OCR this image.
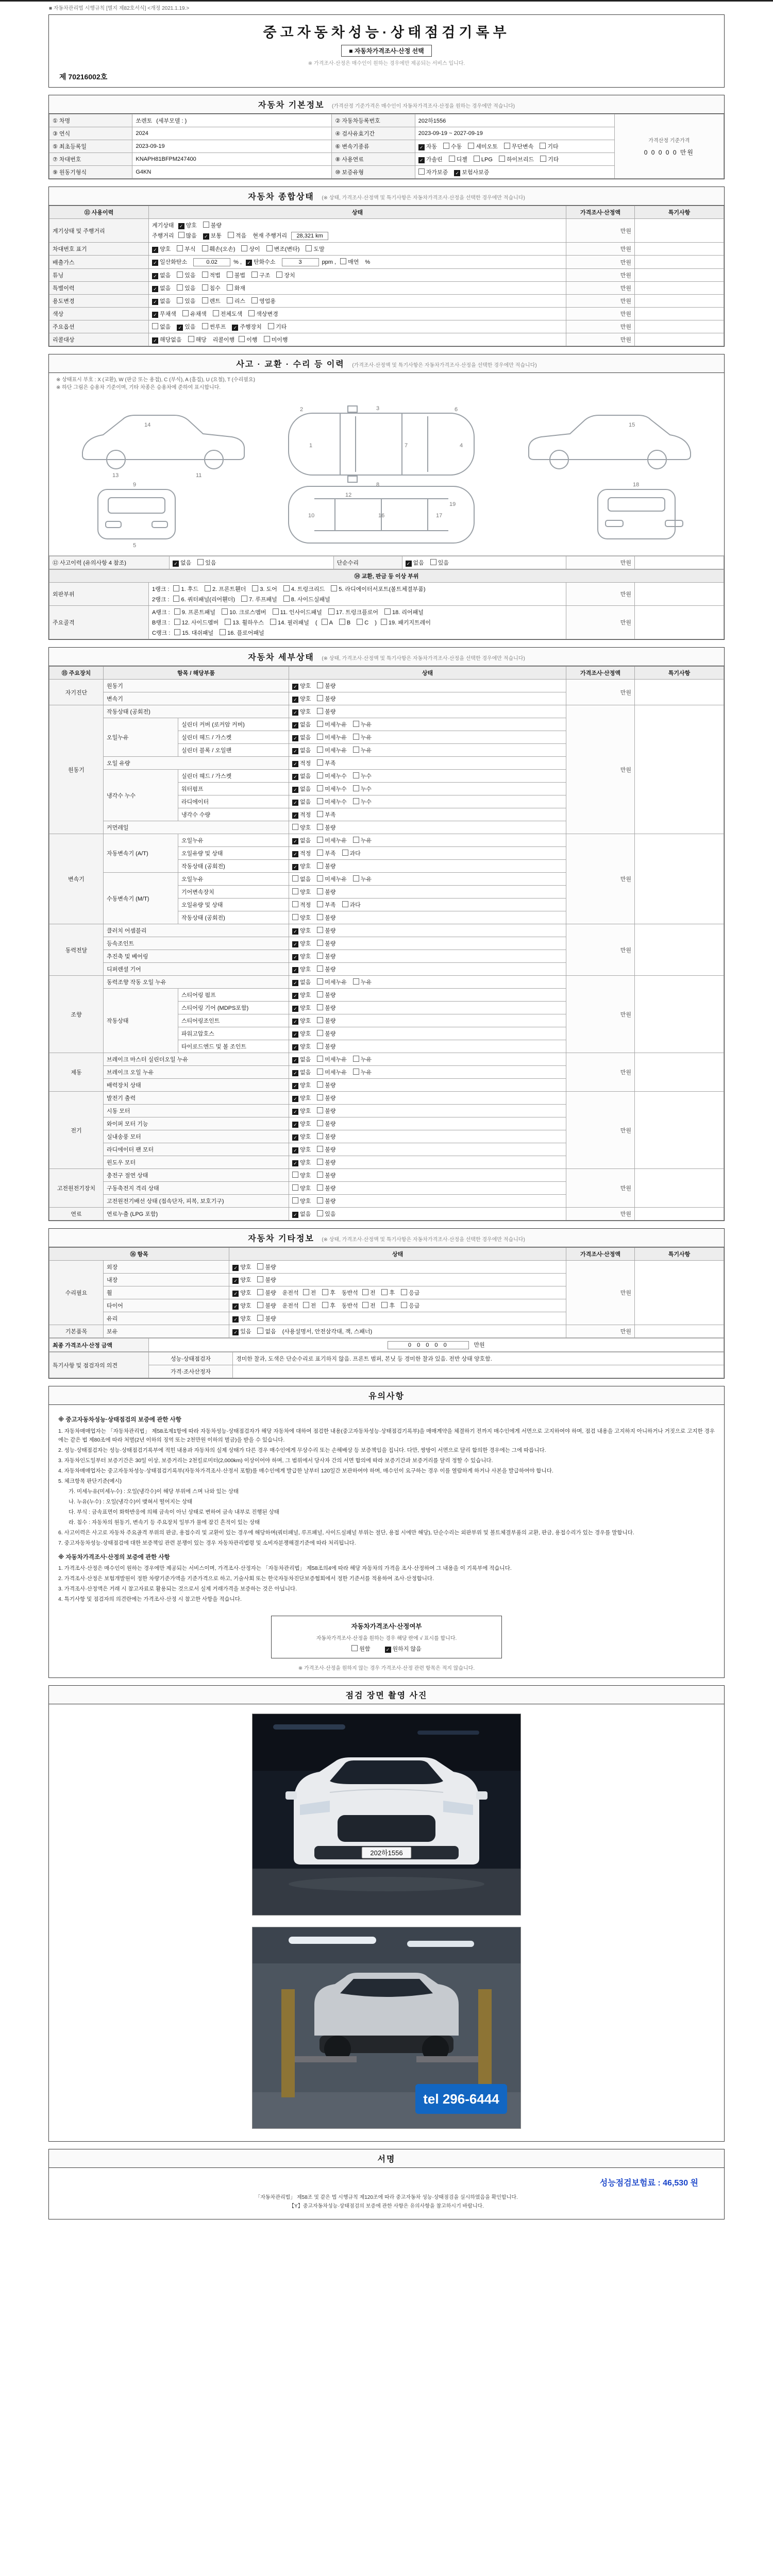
■ 자동차관리법 시행규칙 [별지 제82호서식] <개정 2021.1.19.>
중고자동차성능·상태점검기록부
■ 자동차가격조사·산정 선택
※ 가격조사·산정은 매수인이 원하는 경우에만 제공되는 서비스 입니다.
제 70216002호
자동차 기본정보 (가격산정 기준가격은 매수인이 자동차가격조사·산정을 원하는 경우에만 적습니다)
① 차명	쏘렌토 (세부모델 : )	② 자동차등록번호	202하1556	가격산정 기준가격
0 0 0 0 0 만원

③ 연식	2024	④ 검사유효기간	2023-09-19 ~ 2027-09-19	

⑤ 최초등록일	2023-09-19	⑥ 변속기종류	✓ 자동 수동 세미오토 무단변속 기타	

⑦ 차대번호	KNAPH81BFPM247400	⑧ 사용연료	✓ 가솔린 디젤 LPG 하이브리드 기타	

⑨ 원동기형식	G4KN	⑩ 보증유형	자가보증 ✓ 보험사보증	
자동차 종합상태 (※ 상태, 가격조사·산정액 및 특기사항은 자동차가격조사·산정을 선택한 경우에만 적습니다)
⑪ 사용이력	상태	가격조사·산정액	특기사항
계기상태 및 주행거리	계기상태 ✓ 양호 불량
주행거리 많음 ✓ 보통 적음 현재 주행거리 28,321 km	만원	
차대번호 표기	✓ 양호 부식 훼손(오손) 상이 변조(변타) 도말	만원	
배출가스	✓ 일산화탄소 0.02 % , ✓ 탄화수소 3 ppm , 매연 %	만원	
튜닝	✓ 없음 있음 적법 불법 구조 장치	만원	
특별이력	✓ 없음 있음 침수 화재	만원	
용도변경	✓ 없음 있음 렌트 리스 영업용	만원	
색상	✓ 무채색 유채색 전체도색 색상변경	만원	
주요옵션	없음 ✓ 있음 썬루프 ✓ 주행장치 기타	만원	
리콜대상	✓ 해당없음 해당 리콜이행 이행 미이행	만원	
사고 · 교환 · 수리 등 이력 (가격조사·산정액 및 특기사항은 자동차가격조사·산정을 선택한 경우에만 적습니다)
※ 상태표시 부호 : X (교환), W (판금 또는 용접), C (부식), A (흠집), U (요철), T (수리필요)
※ 하단 그림은 승용차 기준이며, 기타 차종은 승용차에 준하여 표시합니다.
1
3
7	4
2	6
8
10	16	17
12
19
9
5
18
13
14
11
15
⑫ 사고이력 (유의사항 4 참조)	✓ 없음 있음	단순수리	✓ 없음 있음	만원	
⑭ 교환, 판금 등 이상 부위			
외판부위	1랭크 : 1. 후드 2. 프론트휀더 3. 도어 4. 트렁크리드 5. 라디에이터서포트(볼트체결부품)
2랭크 : 6. 쿼터패널(리어휀더) 7. 루프패널 8. 사이드실패널	만원	
주요골격	A랭크 : 9. 프론트패널 10. 크로스멤버 11. 인사이드패널 17. 트렁크플로어 18. 리어패널
B랭크 : 12. 사이드멤버 13. 휠하우스 14. 필러패널 ( A B C ) 19. 패키지트레이
C랭크 : 15. 대쉬패널 16. 플로어패널	만원	
자동차 세부상태 (※ 상태, 가격조사·산정액 및 특기사항은 자동차가격조사·산정을 선택한 경우에만 적습니다)
⑮ 주요장치	항목 / 해당부품		상태	가격조사·산정액	특기사항
자기진단	원동기		✓ 양호 불량	만원	
	변속기		✓ 양호 불량		

원동기	작동상태 (공회전)		✓ 양호 불량	만원	
	오일누유	실린더 커버 (로커암 커버)	✓ 없음 미세누유 누유		

		실린더 헤드 / 가스켓	✓ 없음 미세누유 누유		

		실린더 블록 / 오일팬	✓ 없음 미세누유 누유		

	오일 유량		✓ 적정 부족		

	냉각수 누수	실린더 헤드 / 가스켓	✓ 없음 미세누수 누수		

		워터펌프	✓ 없음 미세누수 누수		

		라디에이터	✓ 없음 미세누수 누수		

		냉각수 수량	✓ 적정 부족		

	커먼레일		양호 불량		

변속기	자동변속기 (A/T)	오일누유	✓ 없음 미세누유 누유	만원	
		오일유량 및 상태	✓ 적정 부족 과다		

		작동상태 (공회전)	✓ 양호 불량		

	수동변속기 (M/T)	오일누유	없음 미세누유 누유		

		기어변속장치	양호 불량		

		오일유량 및 상태	적정 부족 과다		

		작동상태 (공회전)	양호 불량		

동력전달	클러치 어셈블리		✓ 양호 불량	만원	
	등속조인트		✓ 양호 불량		

	추진축 및 베어링		✓ 양호 불량		

	디퍼렌셜 기어		✓ 양호 불량		

조향	동력조향 작동 오일 누유		✓ 없음 미세누유 누유	만원	
	작동상태	스티어링 펌프	✓ 양호 불량		

		스티어링 기어 (MDPS포함)	✓ 양호 불량		

		스티어링조인트	✓ 양호 불량		

		파워고압호스	✓ 양호 불량		

		타이로드엔드 및 볼 조인트	✓ 양호 불량		

제동	브레이크 마스터 실린더오일 누유		✓ 없음 미세누유 누유	만원	
	브레이크 오일 누유		✓ 없음 미세누유 누유		

	배력장치 상태		✓ 양호 불량		

전기	발전기 출력		✓ 양호 불량	만원	
	시동 모터		✓ 양호 불량		

	와이퍼 모터 기능		✓ 양호 불량		

	실내송풍 모터		✓ 양호 불량		

	라디에이터 팬 모터		✓ 양호 불량		

	윈도우 모터		✓ 양호 불량		

고전원전기장치	충전구 절연 상태		양호 불량	만원	
	구동축전지 격리 상태		양호 불량		

	고전원전기배선 상태 (접속단자, 피복, 보호기구)		양호 불량		

연료	연료누출 (LPG 포함)		✓ 없음 있음	만원	
자동차 기타정보 (※ 상태, 가격조사·산정액 및 특기사항은 자동차가격조사·산정을 선택한 경우에만 적습니다)
⑯ 항목		상태	가격조사·산정액	특기사항
수리필요	외장	✓ 양호 불량	만원	
	내장	✓ 양호 불량		

	휠	✓ 양호 불량 운전석 전 후 동반석 전 후 응급		

	타이어	✓ 양호 불량 운전석 전 후 동반석 전 후 응급		

	유리	✓ 양호 불량		

기본품목	보유	✓ 있음 없음 (사용설명서, 안전삼각대, 잭, 스패너)	만원	
최종 가격조사·산정 금액	0 0 0 0 0	만원
특기사항 및 점검자의 의견	성능·상태점검자	경미한 찰과, 도색은 단순수리로 표기하지 않음. 프론트 범퍼, 본닛 등 경미한 찰과 있음. 전반 상태 양호함.
	가격·조사산정자	
유의사항
※ 중고자동차성능·상태점검의 보증에 관한 사항
1. 자동차매매업자는 「자동차관리법」 제58조제1항에 따라 자동차성능·상태점검자가 해당 자동차에 대하여 점검한 내용(중고자동차성능·상태점검기록부)을 매매계약을 체결하기 전까지 매수인에게 서면으로 고지하여야 하며, 점검 내용을 고지하지 아니하거나 거짓으로 고지한 경우에는 같은 법 제80조에 따라 처벌(2년 이하의 징역 또는 2천만원 이하의 벌금)을 받을 수 있습니다.
2. 성능·상태점검자는 성능·상태점검기록부에 적힌 내용과 자동차의 실제 상태가 다른 경우 매수인에게 무상수리 또는 손해배상 등 보증책임을 집니다. 다만, 쌍방이 서면으로 달리 합의한 경우에는 그에 따릅니다.
3. 자동차인도일부터 보증기간은 30일 이상, 보증거리는 2천킬로미터(2,000km) 이상이어야 하며, 그 범위에서 당사자 간의 서면 합의에 따라 보증기간과 보증거리를 달리 정할 수 있습니다.
4. 자동차매매업자는 중고자동차성능·상태점검기록부(자동차가격조사·산정서 포함)를 매수인에게 발급한 날부터 120일간 보관하여야 하며, 매수인이 요구하는 경우 이를 열람하게 하거나 사본을 발급하여야 합니다.
5. 체크항목 판단기준(예시)
가. 미세누유(미세누수) : 오일(냉각수)이 해당 부위에 스며 나와 있는 상태
나. 누유(누수) : 오일(냉각수)이 맺혀서 떨어지는 상태
다. 부식 : 금속표면이 화학반응에 의해 금속이 아닌 상태로 변하여 금속 내부로 진행된 상태
라. 침수 : 자동차의 원동기, 변속기 등 주요장치 일부가 물에 잠긴 흔적이 있는 상태
6. 사고이력은 사고로 자동차 주요골격 부위의 판금, 용접수리 및 교환이 있는 경우에 해당하며(쿼터패널, 루프패널, 사이드실패널 부위는 절단, 용접 시에만 해당), 단순수리는 외판부위 및 볼트체결부품의 교환, 판금, 용접수리가 있는 경우를 말합니다.
7. 중고자동차성능·상태점검에 대한 보증책임 관련 분쟁이 있는 경우 자동차관리법령 및 소비자분쟁해결기준에 따라 처리됩니다.
※ 자동차가격조사·산정의 보증에 관한 사항
1. 가격조사·산정은 매수인이 원하는 경우에만 제공되는 서비스이며, 가격조사·산정자는 「자동차관리법」 제58조의4에 따라 해당 자동차의 가격을 조사·산정하여 그 내용을 이 기록부에 적습니다.
2. 가격조사·산정은 보험개발원이 정한 차량기준가액을 기준가격으로 하고, 기술사회 또는 한국자동차진단보증협회에서 정한 기준서를 적용하여 조사·산정합니다.
3. 가격조사·산정액은 거래 시 참고자료로 활용되는 것으로서 실제 거래가격을 보증하는 것은 아닙니다.
4. 특기사항 및 점검자의 의견란에는 가격조사·산정 시 참고한 사항을 적습니다.
자동차가격조사·산정여부
자동차가격조사·산정을 원하는 경우 해당 란에 √ 표시를 합니다.
원함	✓ 원하지 않음
※ 가격조사·산정을 원하지 않는 경우 가격조사·산정 관련 항목은 적지 않습니다.
점검 장면 촬영 사진
202하1556
tel 296-6444
서명
성능점검보험료 : 46,530 원
「자동차관리법」 제58조 및 같은 법 시행규칙 제120조에 따라 중고자동차 성능·상태점검을 실시하였음을 확인합니다.
【Y】중고자동차성능·상태점검의 보증에 관한 사항은 유의사항을 참고하시기 바랍니다.
